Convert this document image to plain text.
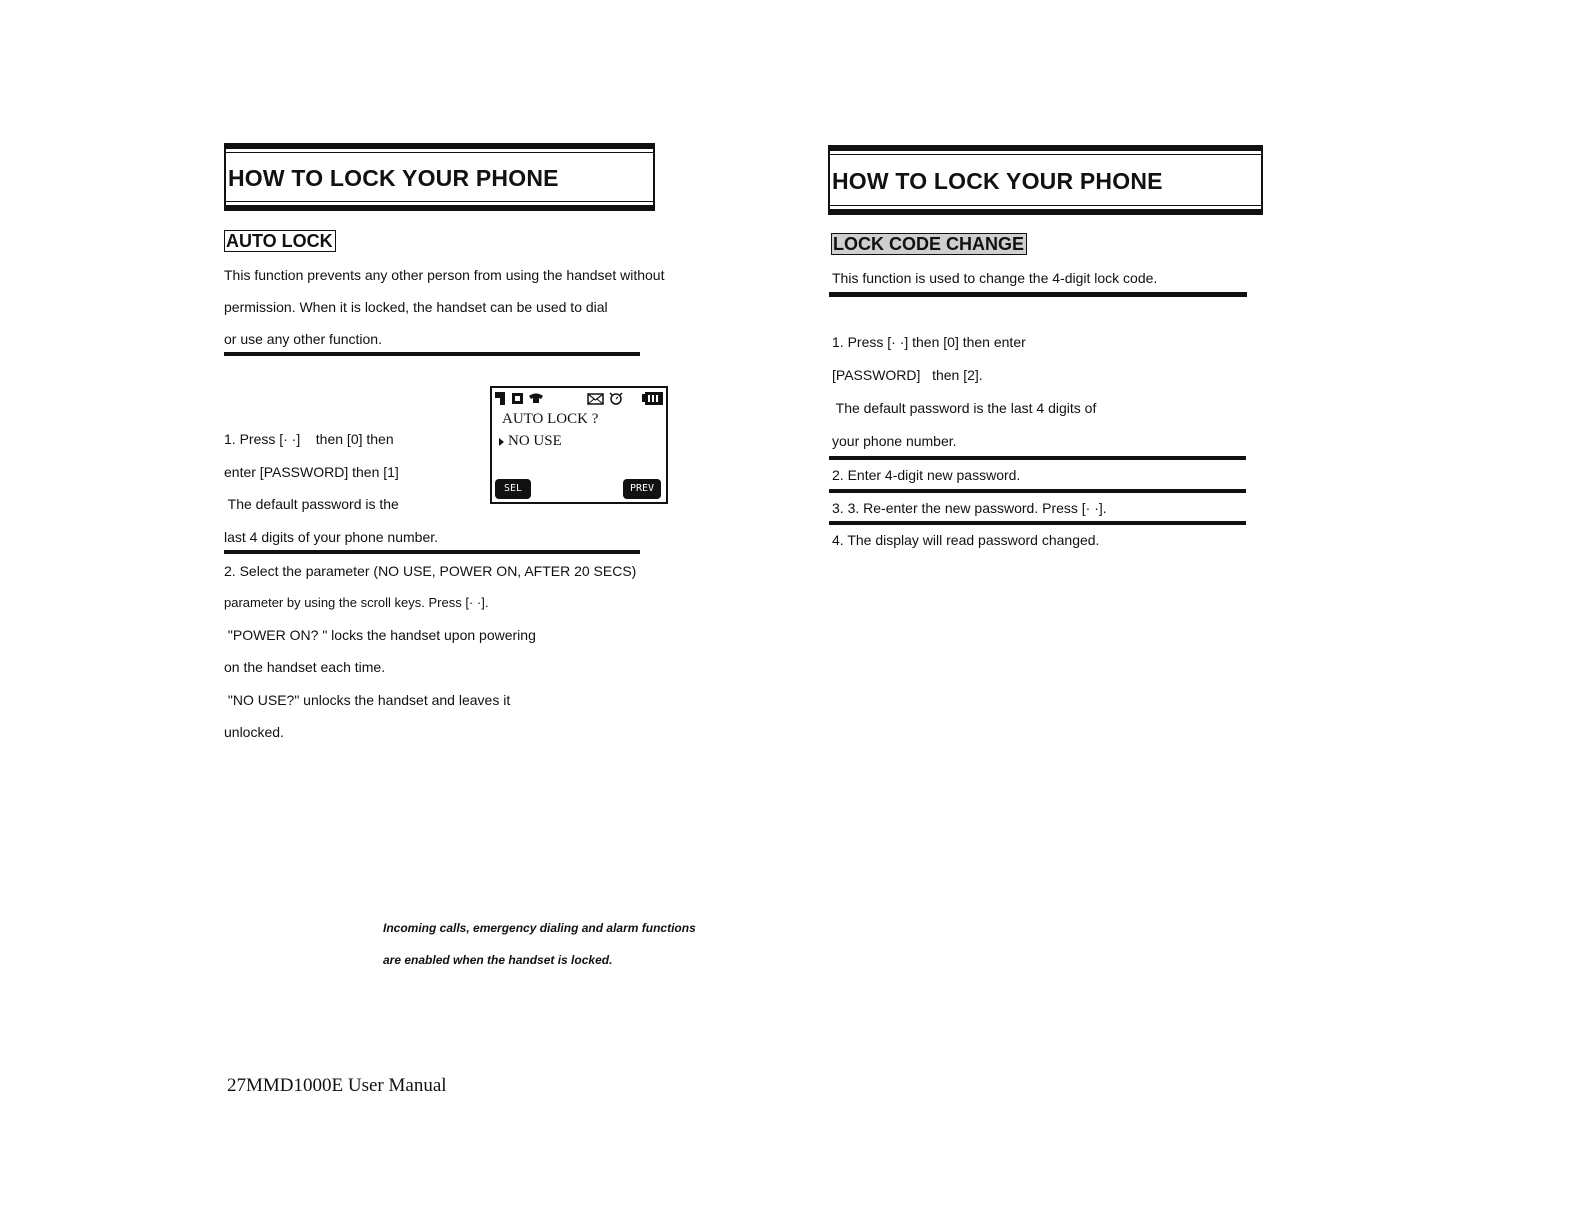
HOW TO LOCK YOUR PHONE
AUTO LOCK
This function prevents any other person from using the handset without
permission. When it is locked, the handset can be used to dial
or use any other function.
1. Press [· ·]    then [0] then
enter [PASSWORD] then [1]
The default password is the
last 4 digits of your phone number.
AUTO LOCK ?
NO USE
SEL	PREV
2. Select the parameter (NO USE, POWER ON, AFTER 20 SECS)
parameter by using the scroll keys. Press [· ·].
"POWER ON? " locks the handset upon powering
on the handset each time.
"NO USE?" unlocks the handset and leaves it
unlocked.
Incoming calls, emergency dialing and alarm functions
are enabled when the handset is locked.
27MMD1000E User Manual
HOW TO LOCK YOUR PHONE
LOCK CODE CHANGE
This function is used to change the 4-digit lock code.
1. Press [· ·] then [0] then enter
[PASSWORD]   then [2].
The default password is the last 4 digits of
your phone number.
2. Enter 4-digit new password.
3. 3. Re-enter the new password. Press [· ·].
4. The display will read password changed.
